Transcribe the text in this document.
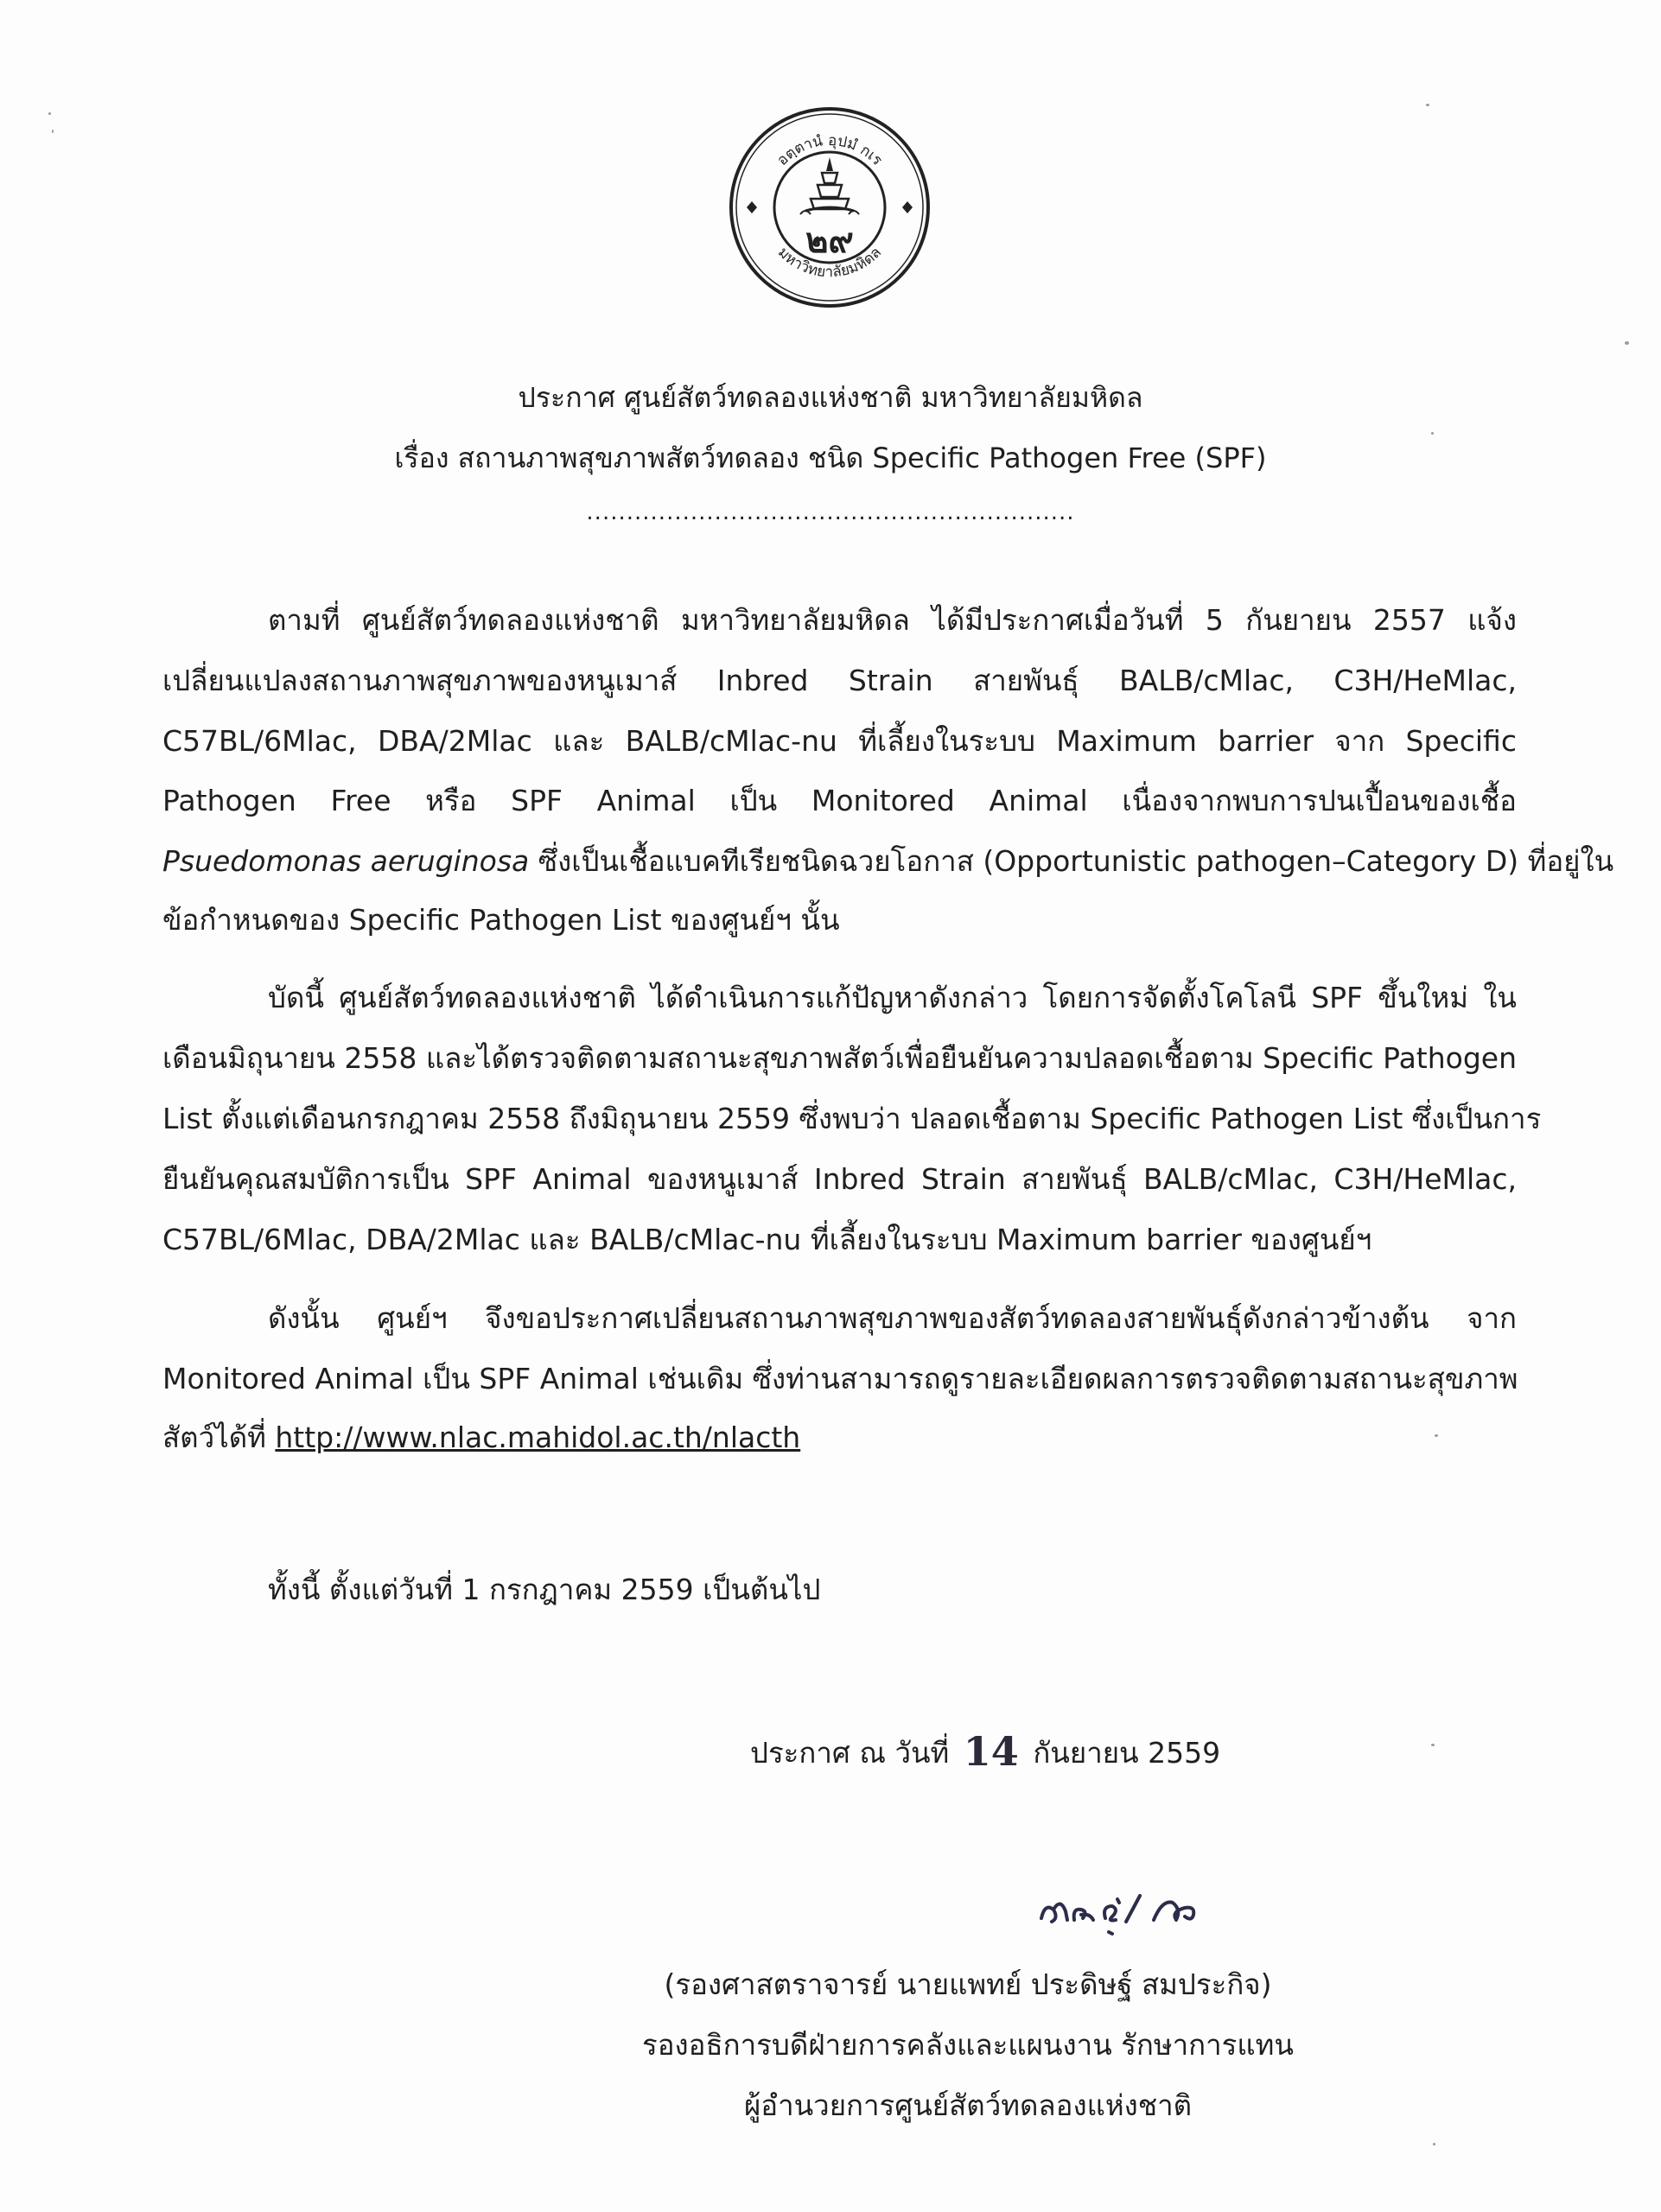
อตฺตานํ อุปมํ กเร
มหาวิทยาลัยมหิดล
๒๙
ประกาศ ศูนย์สัตว์ทดลองแห่งชาติ มหาวิทยาลัยมหิดล
เรื่อง สถานภาพสุขภาพสัตว์ทดลอง ชนิด Specific Pathogen Free (SPF)
.............................................................
ตามที่ ศูนย์สัตว์ทดลองแห่งชาติ มหาวิทยาลัยมหิดล ได้มีประกาศเมื่อวันที่ 5 กันยายน 2557 แจ้ง
เปลี่ยนแปลงสถานภาพสุขภาพของหนูเมาส์ Inbred Strain สายพันธุ์ BALB/cMlac, C3H/HeMlac,
C57BL/6Mlac, DBA/2Mlac และ BALB/cMlac-nu ที่เลี้ยงในระบบ Maximum barrier จาก Specific
Pathogen Free หรือ SPF Animal เป็น Monitored Animal เนื่องจากพบการปนเปื้อนของเชื้อ
Psuedomonas aeruginosa ซึ่งเป็นเชื้อแบคทีเรียชนิดฉวยโอกาส (Opportunistic pathogen–Category D) ที่อยู่ใน
ข้อกำหนดของ Specific Pathogen List ของศูนย์ฯ นั้น
บัดนี้ ศูนย์สัตว์ทดลองแห่งชาติ ได้ดำเนินการแก้ปัญหาดังกล่าว โดยการจัดตั้งโคโลนี SPF ขึ้นใหม่ ใน
เดือนมิถุนายน 2558 และได้ตรวจติดตามสถานะสุขภาพสัตว์เพื่อยืนยันความปลอดเชื้อตาม Specific Pathogen
List ตั้งแต่เดือนกรกฎาคม 2558 ถึงมิถุนายน 2559 ซึ่งพบว่า ปลอดเชื้อตาม Specific Pathogen List ซึ่งเป็นการ
ยืนยันคุณสมบัติการเป็น SPF Animal ของหนูเมาส์ Inbred Strain สายพันธุ์ BALB/cMlac, C3H/HeMlac,
C57BL/6Mlac, DBA/2Mlac และ BALB/cMlac-nu ที่เลี้ยงในระบบ Maximum barrier ของศูนย์ฯ
ดังนั้น ศูนย์ฯ จึงขอประกาศเปลี่ยนสถานภาพสุขภาพของสัตว์ทดลองสายพันธุ์ดังกล่าวข้างต้น จาก
Monitored Animal เป็น SPF Animal เช่นเดิม ซึ่งท่านสามารถดูรายละเอียดผลการตรวจติดตามสถานะสุขภาพ
สัตว์ได้ที่ http://www.nlac.mahidol.ac.th/nlacth
ทั้งนี้ ตั้งแต่วันที่ 1 กรกฎาคม 2559 เป็นต้นไป
ประกาศ ณ วันที่ 14 กันยายน 2559
(รองศาสตราจารย์ นายแพทย์ ประดิษฐ์ สมประกิจ)
รองอธิการบดีฝ่ายการคลังและแผนงาน รักษาการแทน
ผู้อำนวยการศูนย์สัตว์ทดลองแห่งชาติ
